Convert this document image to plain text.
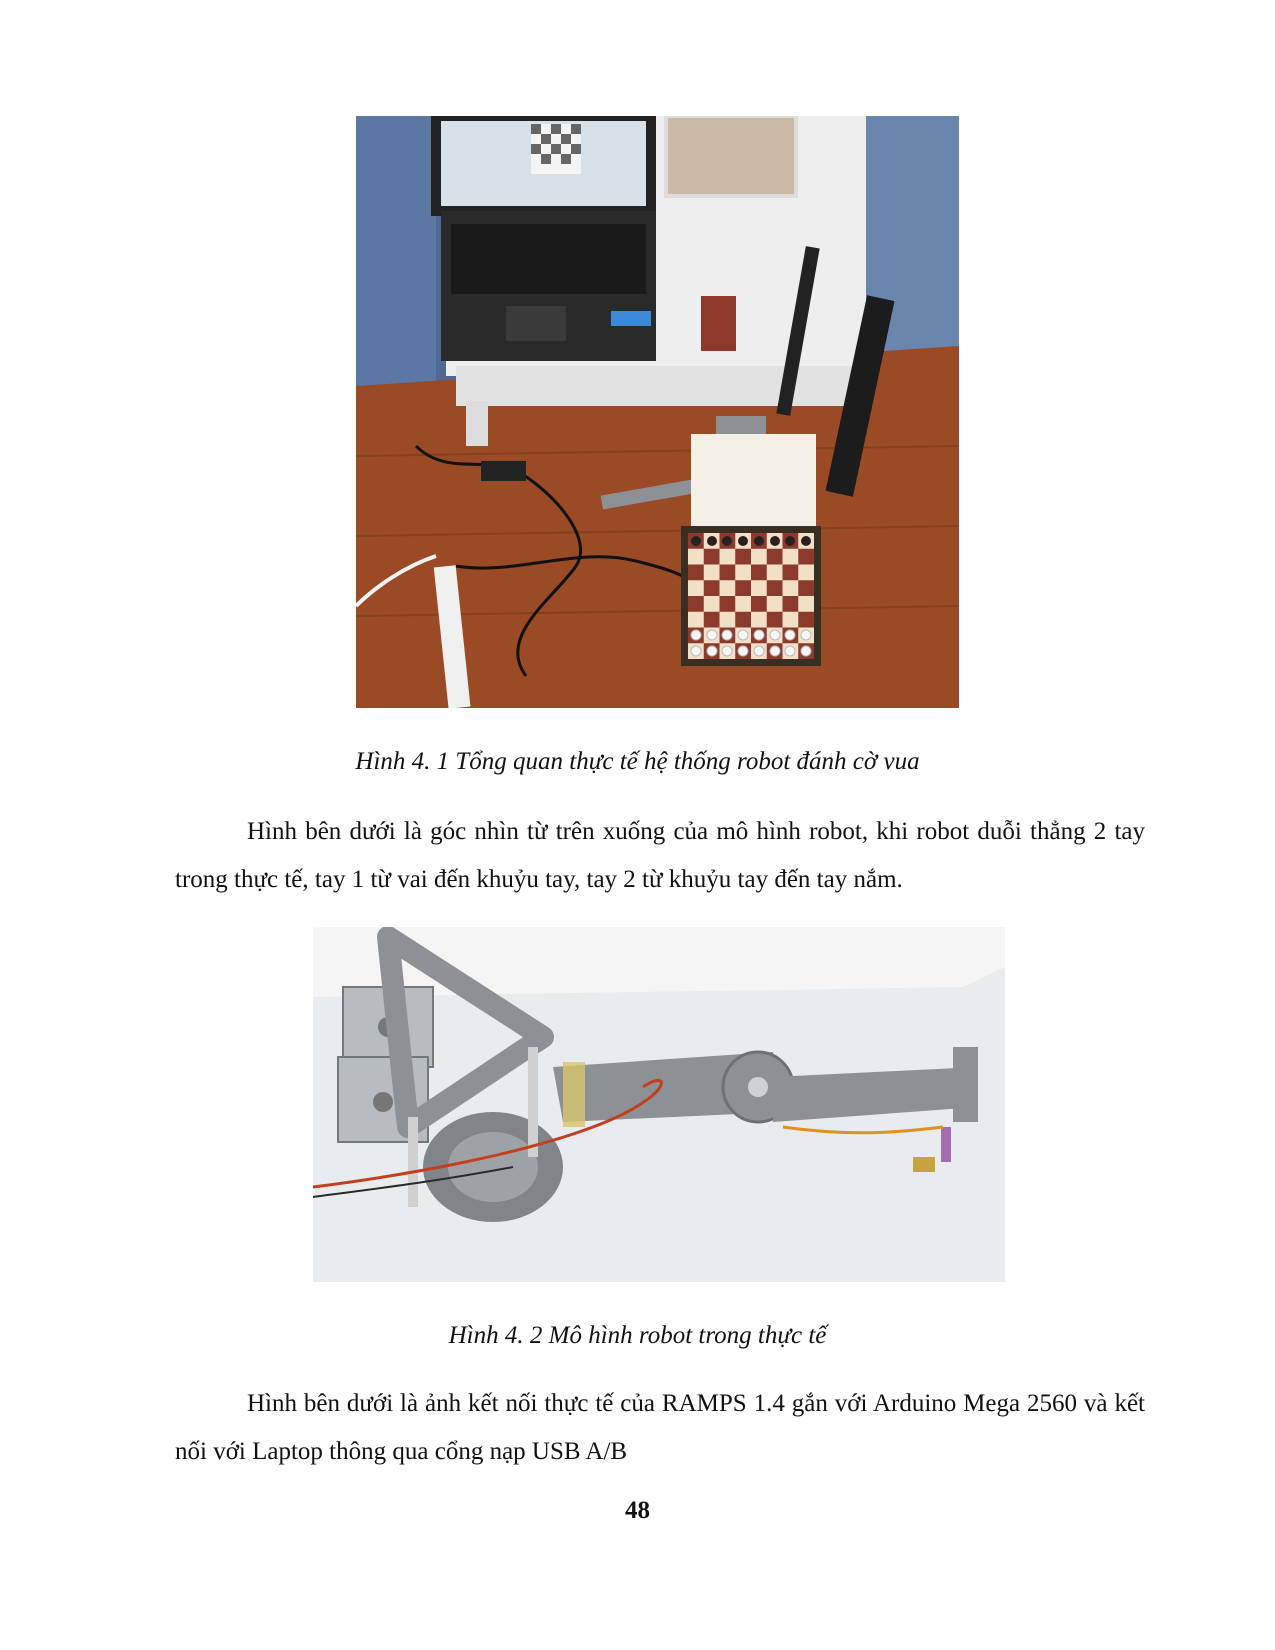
Hình 4. 1 Tổng quan thực tế hệ thống robot đánh cờ vua
Hình bên dưới là góc nhìn từ trên xuống của mô hình robot, khi robot duỗi thẳng 2 tay trong thực tế, tay 1 từ vai đến khuỷu tay, tay 2 từ khuỷu tay đến tay nắm.
Hình 4. 2 Mô hình robot trong thực tế
Hình bên dưới là ảnh kết nối thực tế của RAMPS 1.4 gắn với Arduino Mega 2560 và kết nối với Laptop thông qua cổng nạp USB A/B
48
